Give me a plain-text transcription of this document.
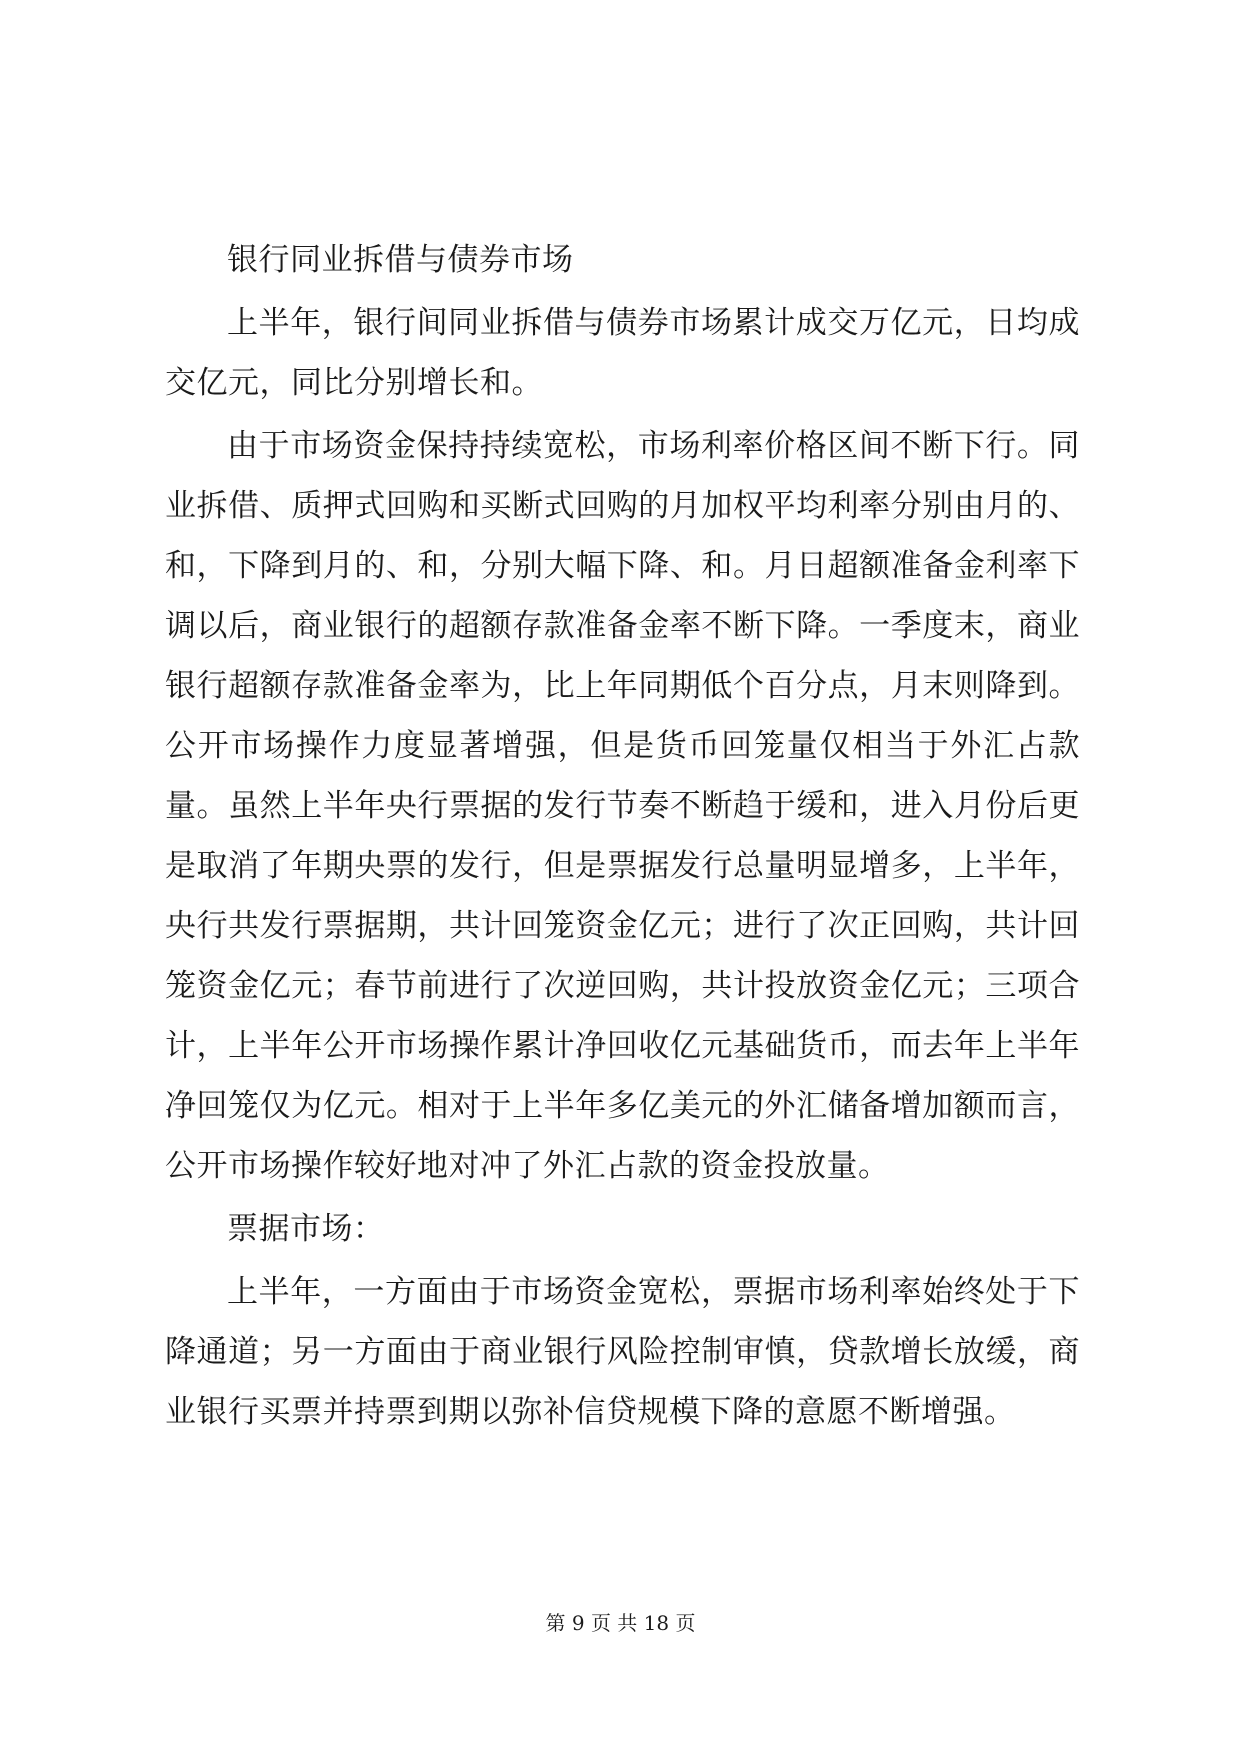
银行同业拆借与债券市场

上半年，银行间同业拆借与债券市场累计成交万亿元，日均成交亿元，同比分别增长和。

由于市场资金保持持续宽松，市场利率价格区间不断下行。同业拆借、质押式回购和买断式回购的月加权平均利率分别由月的、和，下降到月的、和，分别大幅下降、和。月日超额准备金利率下调以后，商业银行的超额存款准备金率不断下降。一季度末，商业银行超额存款准备金率为，比上年同期低个百分点，月末则降到。公开市场操作力度显著增强，但是货币回笼量仅相当于外汇占款量。虽然上半年央行票据的发行节奏不断趋于缓和，进入月份后更是取消了年期央票的发行，但是票据发行总量明显增多，上半年，央行共发行票据期，共计回笼资金亿元；进行了次正回购，共计回笼资金亿元；春节前进行了次逆回购，共计投放资金亿元；三项合计，上半年公开市场操作累计净回收亿元基础货币，而去年上半年净回笼仅为亿元。相对于上半年多亿美元的外汇储备增加额而言，公开市场操作较好地对冲了外汇占款的资金投放量。

票据市场：

上半年，一方面由于市场资金宽松，票据市场利率始终处于下降通道；另一方面由于商业银行风险控制审慎，贷款增长放缓，商业银行买票并持票到期以弥补信贷规模下降的意愿不断增强。

第 9 页 共 18 页
